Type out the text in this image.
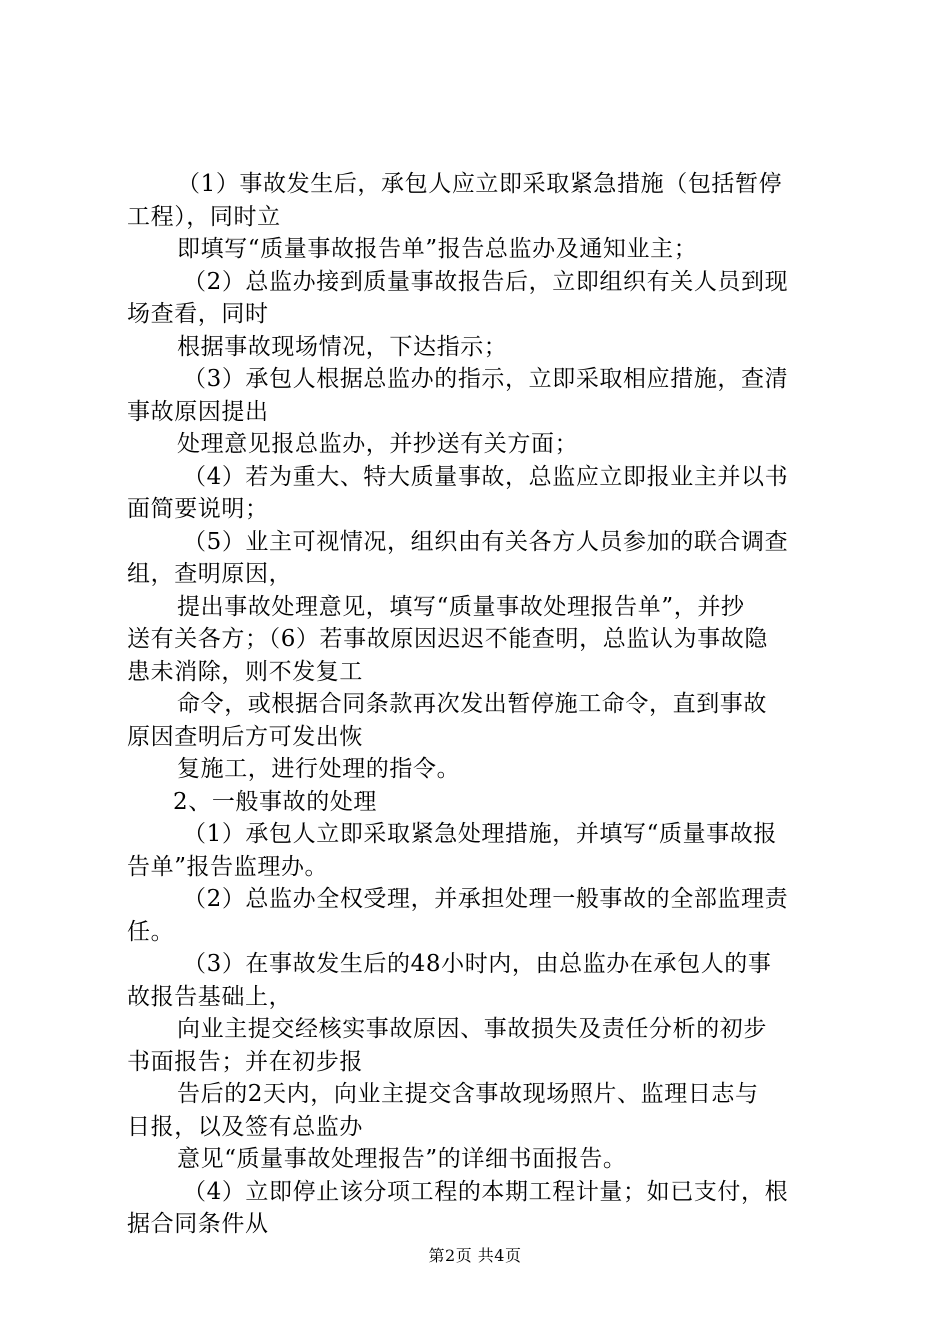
（1）事故发生后，承包人应立即采取紧急措施（包括暂停
工程），同时立
即填写“质量事故报告单”报告总监办及通知业主；
（2）总监办接到质量事故报告后，立即组织有关人员到现
场查看，同时
根据事故现场情况，下达指示；
（3）承包人根据总监办的指示，立即采取相应措施，查清
事故原因提出
处理意见报总监办，并抄送有关方面；
（4）若为重大、特大质量事故，总监应立即报业主并以书
面简要说明；
（5）业主可视情况，组织由有关各方人员参加的联合调查
组，查明原因，
提出事故处理意见，填写“质量事故处理报告单”，并抄
送有关各方；（6）若事故原因迟迟不能查明，总监认为事故隐
患未消除，则不发复工
命令，或根据合同条款再次发出暂停施工命令，直到事故
原因查明后方可发出恢
复施工，进行处理的指令。
2、一般事故的处理
（1）承包人立即采取紧急处理措施，并填写“质量事故报
告单”报告监理办。
（2）总监办全权受理，并承担处理一般事故的全部监理责
任。
（3）在事故发生后的48小时内，由总监办在承包人的事
故报告基础上，
向业主提交经核实事故原因、事故损失及责任分析的初步
书面报告；并在初步报
告后的2天内，向业主提交含事故现场照片、监理日志与
日报，以及签有总监办
意见“质量事故处理报告”的详细书面报告。
（4）立即停止该分项工程的本期工程计量；如已支付，根
据合同条件从
第2页 共4页
